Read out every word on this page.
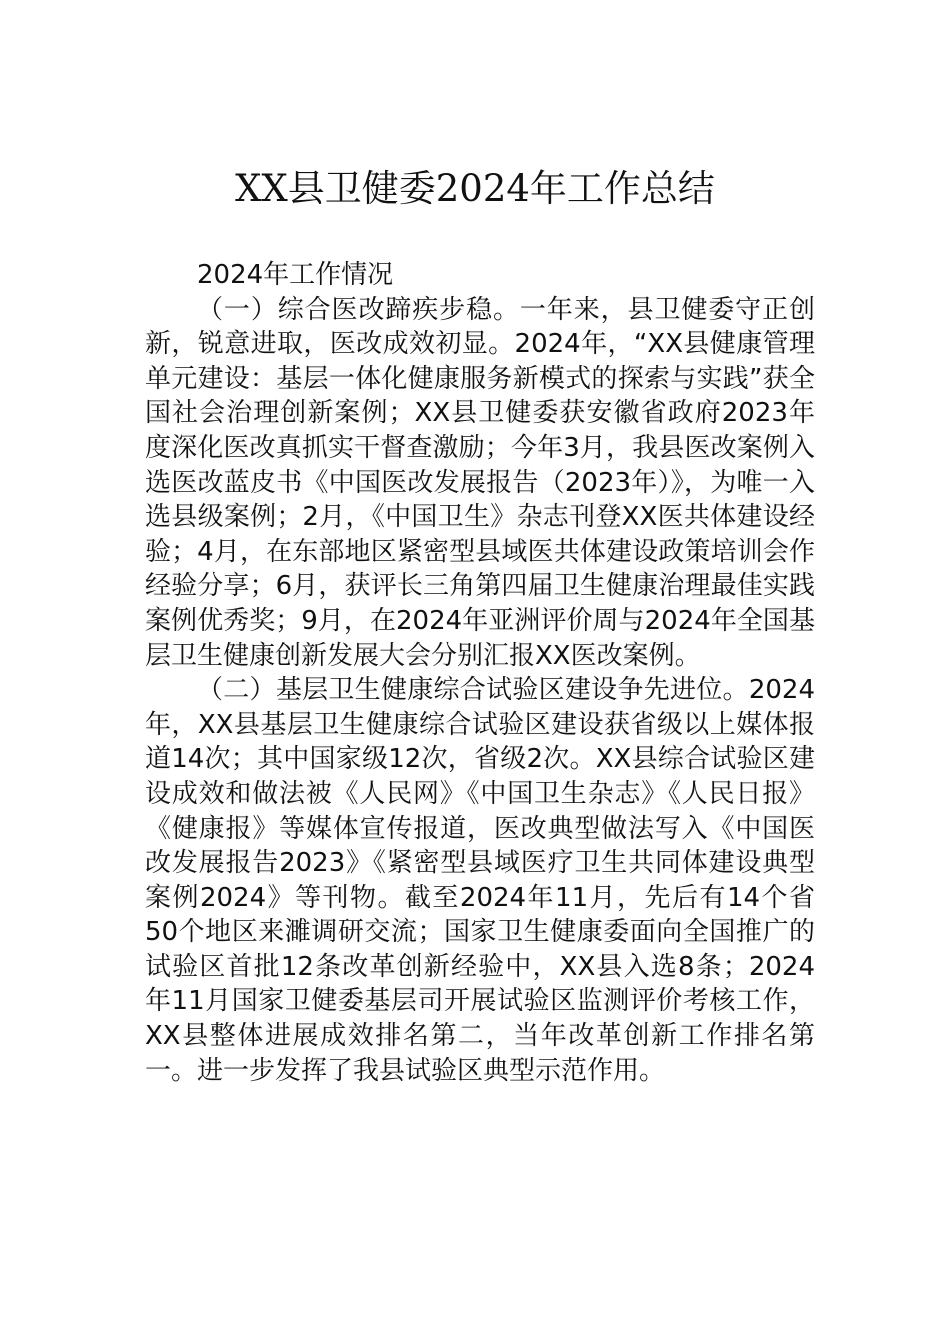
XX县卫健委2024年工作总结

2024年工作情况

（一）综合医改蹄疾步稳。一年来，县卫健委守正创新，锐意进取，医改成效初显。2024年，“XX县健康管理单元建设：基层一体化健康服务新模式的探索与实践”获全国社会治理创新案例；XX县卫健委获安徽省政府2023年度深化医改真抓实干督查激励；今年3月，我县医改案例入选医改蓝皮书《中国医改发展报告（2023年）》，为唯一入选县级案例；2月，《中国卫生》杂志刊登XX医共体建设经验；4月，在东部地区紧密型县域医共体建设政策培训会作经验分享；6月，获评长三角第四届卫生健康治理最佳实践案例优秀奖；9月，在2024年亚洲评价周与2024年全国基层卫生健康创新发展大会分别汇报XX医改案例。

（二）基层卫生健康综合试验区建设争先进位。2024年，XX县基层卫生健康综合试验区建设获省级以上媒体报道14次；其中国家级12次，省级2次。XX县综合试验区建设成效和做法被《人民网》《中国卫生杂志》《人民日报》《健康报》等媒体宣传报道，医改典型做法写入《中国医改发展报告2023》《紧密型县域医疗卫生共同体建设典型案例2024》等刊物。截至2024年11月，先后有14个省50个地区来濉调研交流；国家卫生健康委面向全国推广的试验区首批12条改革创新经验中，XX县入选8条；2024年11月国家卫健委基层司开展试验区监测评价考核工作，XX县整体进展成效排名第二，当年改革创新工作排名第一。进一步发挥了我县试验区典型示范作用。
